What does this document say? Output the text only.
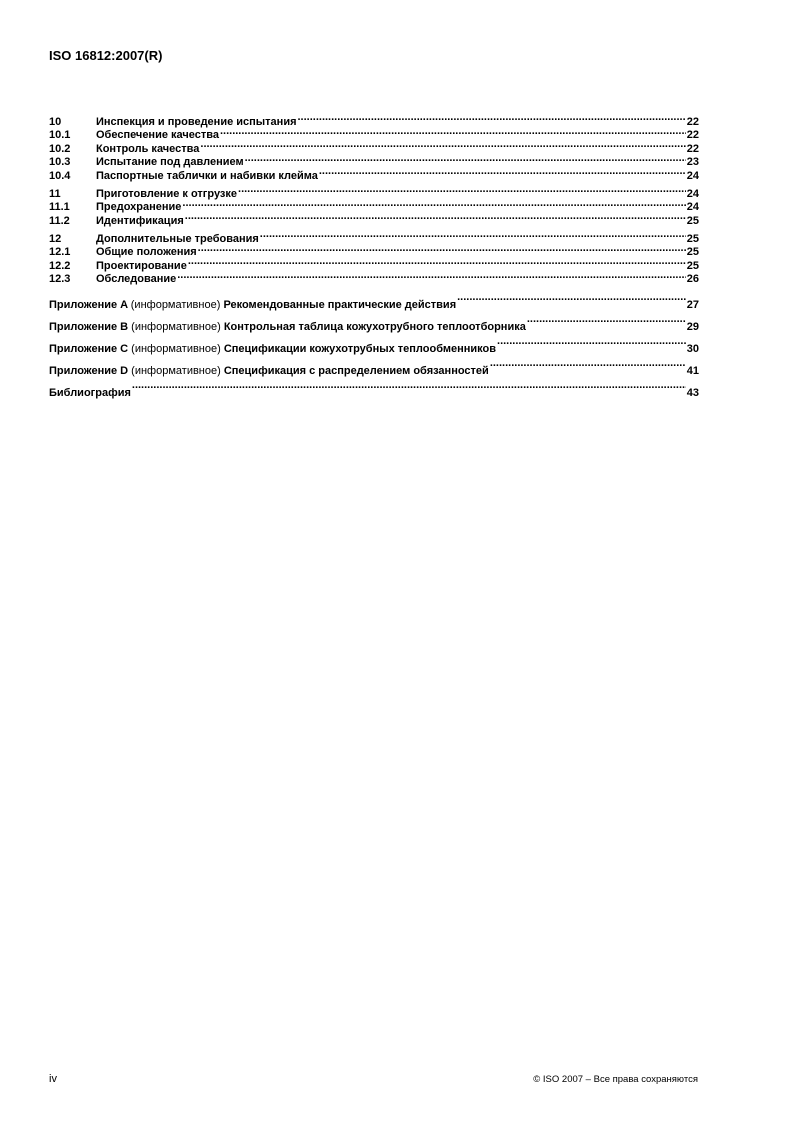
ISO 16812:2007(R)
10	Инспекция и проведение испытания .....	22
10.1	Обеспечение качества .....	22
10.2	Контроль качества .....	22
10.3	Испытание под давлением .....	23
10.4	Паспортные таблички и набивки клейма .....	24
11	Приготовление к отгрузке .....	24
11.1	Предохранение .....	24
11.2	Идентификация .....	25
12	Дополнительные требования .....	25
12.1	Общие положения .....	25
12.2	Проектирование .....	25
12.3	Обследование .....	26
Приложение A (информативное) Рекомендованные практические действия .....	27
Приложение B (информативное) Контрольная таблица кожухотрубного теплоотборника .....	29
Приложение C (информативное) Спецификации кожухотрубных теплообменников .....	30
Приложение D (информативное) Спецификация с распределением обязанностей .....	41
Библиография .....	43
iv	© ISO 2007 – Все права сохраняются
